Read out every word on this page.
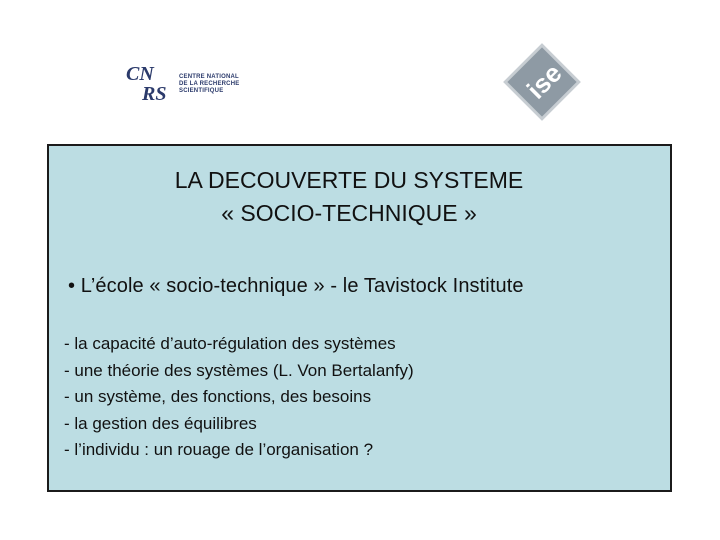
CN
RS
CENTRE NATIONAL
DE LA RECHERCHE
SCIENTIFIQUE	ise
LA DECOUVERTE DU SYSTEME
« SOCIO-TECHNIQUE »
• L’école « socio-technique » - le Tavistock Institute
- la capacité d’auto-régulation des systèmes
- une théorie des systèmes (L. Von Bertalanfy)
- un système, des fonctions, des besoins
- la gestion des équilibres
- l’individu : un rouage de l’organisation ?
